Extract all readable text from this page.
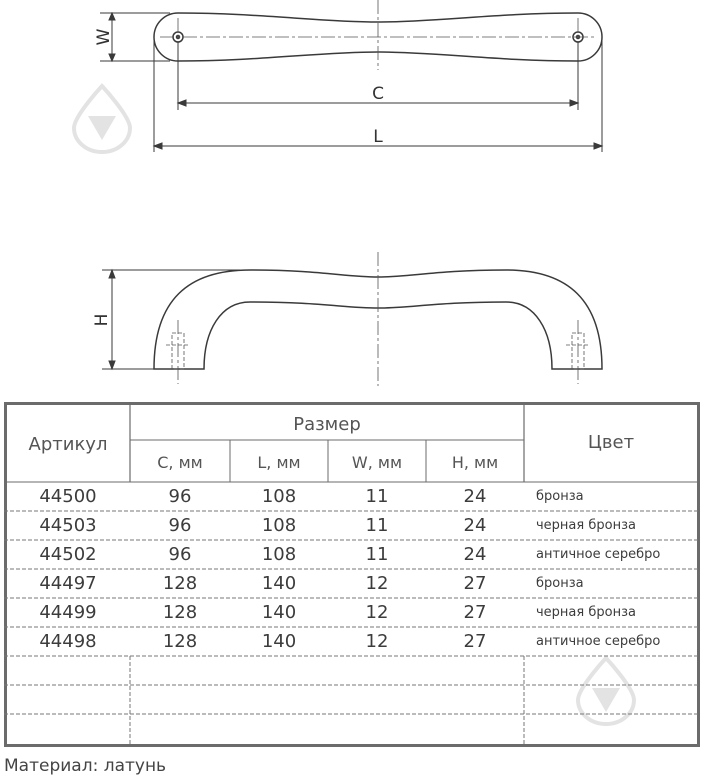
W
C
L
H
Артикул
Размер
Цвет
C, мм	L, мм	W, мм	H, мм
44500	96	108	11	24	бронза
44503	96	108	11	24	черная бронза
44502	96	108	11	24	античное серебро
44497	128	140	12	27	бронза
44499	128	140	12	27	черная бронза
44498	128	140	12	27	античное серебро
Материал: латунь
